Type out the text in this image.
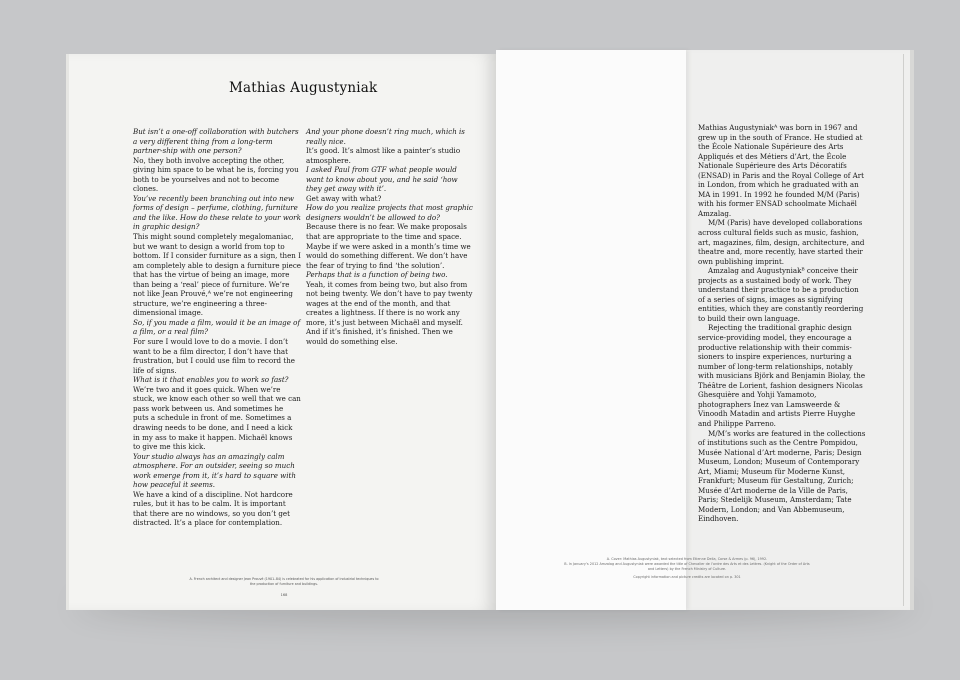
Mathias Augustyniak

But isn’t a one-off collaboration with butchers a very different thing from a long-term partner-ship with one person?

No, they both involve accepting the other, giving him space to be what he is, forcing you both to be yourselves and not to become clones.

You’ve recently been branching out into new forms of design – perfume, clothing, furniture and the like. How do these relate to your work in graphic design?

This might sound completely megalomaniac, but we want to design a world from top to bottom. If I consider furniture as a sign, then I am completely able to design a furniture piece that has the virtue of being an image, more than being a ‘real’ piece of furniture. We’re not like Jean Prouvé,ᴬ we’re not engineering structure, we’re engineering a three-dimensional image.

So, if you made a film, would it be an image of a film, or a real film?

For sure I would love to do a movie. I don’t want to be a film director, I don’t have that frustration, but I could use film to record the life of signs.

What is it that enables you to work so fast?

We’re two and it goes quick. When we’re stuck, we know each other so well that we can pass work between us. And sometimes he puts a schedule in front of me. Sometimes a drawing needs to be done, and I need a kick in my ass to make it happen. Michaël knows to give me this kick.

Your studio always has an amazingly calm atmosphere. For an outsider, seeing so much work emerge from it, it’s hard to square with how peaceful it seems.

We have a kind of a discipline. Not hardcore rules, but it has to be calm. It is important that there are no windows, so you don’t get distracted. It’s a place for contemplation.

And your phone doesn’t ring much, which is really nice.

It’s good. It’s almost like a painter’s studio atmosphere.

I asked Paul from GTF what people would want to know about you, and he said ‘how they get away with it’.

Get away with what?

How do you realize projects that most graphic designers wouldn’t be allowed to do?

Because there is no fear. We make proposals that are appropriate to the time and space. Maybe if we were asked in a month’s time we would do something different. We don’t have the fear of trying to find ‘the solution’.

Perhaps that is a function of being two.

Yeah, it comes from being two, but also from not being twenty. We don’t have to pay twenty wages at the end of the month, and that creates a lightness. If there is no work any more, it’s just between Michaël and myself. And if it’s finished, it’s finished. Then we would do something else.

A. French architect and designer Jean Prouvé (1901–84) is celebrated for his application of industrial techniques to the production of furniture and buildings.
168

Mathias Augustyniakᴬ was born in 1967 and grew up in the south of France. He studied at the École Nationale Supérieure des Arts Appliqués et des Métiers d’Art, the École Nationale Supérieure des Arts Décoratifs (ENSAD) in Paris and the Royal College of Art in London, from which he graduated with an MA in 1991. In 1992 he founded M/M (Paris) with his former ENSAD schoolmate Michaël Amzalag.

M/M (Paris) have developed collaborations across cultural fields such as music, fashion, art, magazines, film, design, architecture, and theatre and, more recently, have started their own publishing imprint.

Amzalag and Augustyniakᴮ conceive their projects as a sustained body of work. They understand their practice to be a production of a series of signs, images as signifying entities, which they are constantly reordering to build their own language.

Rejecting the traditional graphic design service-providing model, they encourage a productive relationship with their commis-sioners to inspire experiences, nurturing a number of long-term relationships, notably with musicians Björk and Benjamin Biolay, the Théâtre de Lorient, fashion designers Nicolas Ghesquière and Yohji Yamamoto, photographers Inez van Lamsweerde & Vinoodh Matadin and artists Pierre Huyghe and Philippe Parreno.

M/M’s works are featured in the collections of institutions such as the Centre Pompidou, Musée National d’Art moderne, Paris; Design Museum, London; Museum of Contemporary Art, Miami; Museum für Moderne Kunst, Frankfurt; Museum für Gestaltung, Zurich; Musée d’Art moderne de la Ville de Paris, Paris; Stedelijk Museum, Amsterdam; Tate Modern, London; and Van Abbemuseum, Eindhoven.

A. Cover: Mathias Augustyniak, text selected from Etienne Delia, Corse & Armes (p. 96), 1992.
B. In January’s 2012 Amzalag and Augustyniak were awarded the title of Chevalier de l’ordre des Arts et des Lettres. (Knight of the Order of Arts and Letters) by the French Ministry of Culture.
Copyright information and picture credits are located on p. 301
